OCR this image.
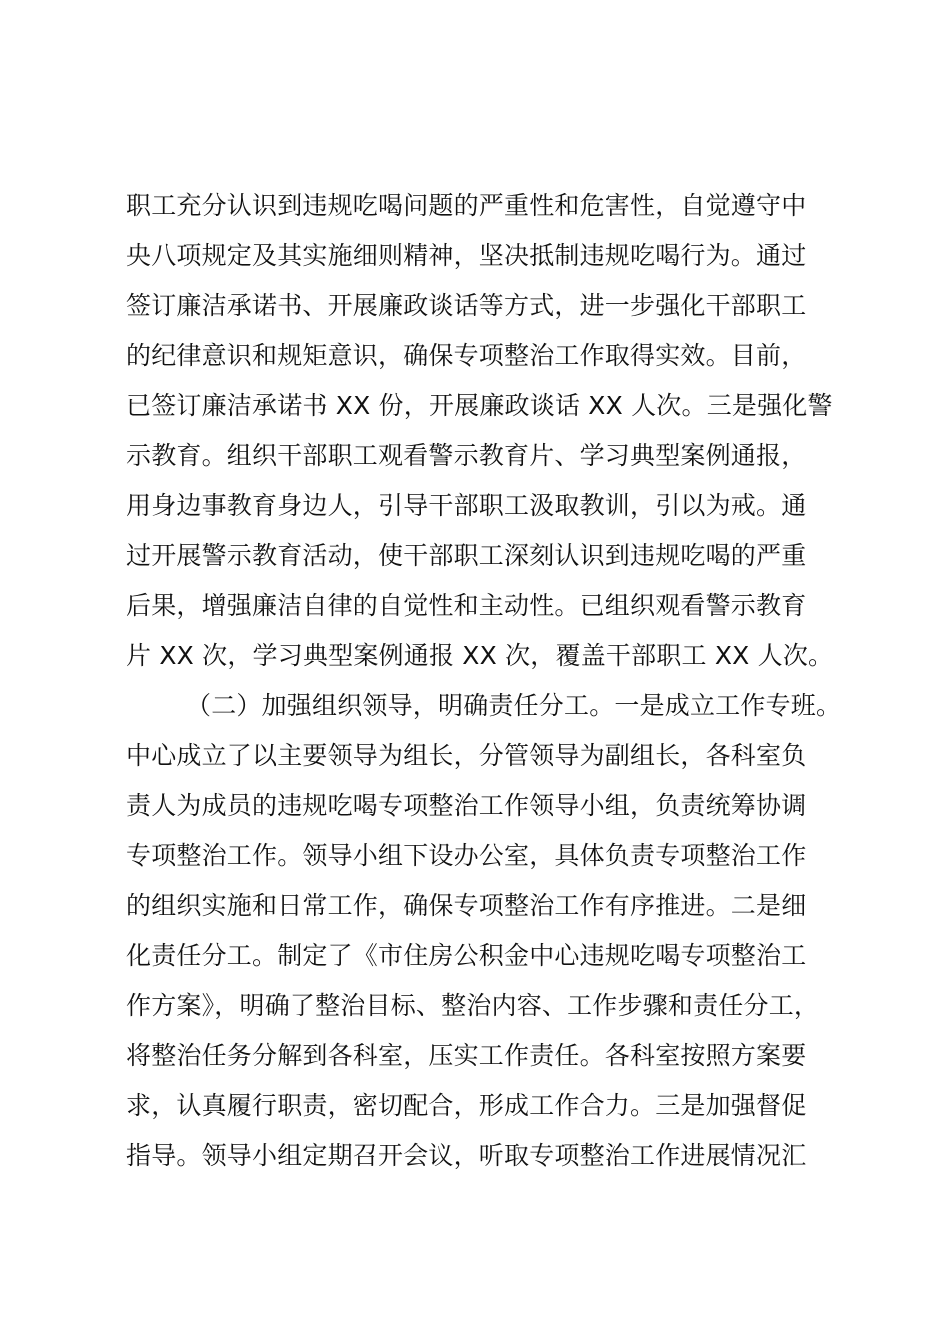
职工充分认识到违规吃喝问题的严重性和危害性，自觉遵守中
央八项规定及其实施细则精神，坚决抵制违规吃喝行为。通过
签订廉洁承诺书、开展廉政谈话等方式，进一步强化干部职工
的纪律意识和规矩意识，确保专项整治工作取得实效。目前，
已签订廉洁承诺书 XX 份，开展廉政谈话 XX 人次。三是强化警
示教育。组织干部职工观看警示教育片、学习典型案例通报，
用身边事教育身边人，引导干部职工汲取教训，引以为戒。通
过开展警示教育活动，使干部职工深刻认识到违规吃喝的严重
后果，增强廉洁自律的自觉性和主动性。已组织观看警示教育
片 XX 次，学习典型案例通报 XX 次，覆盖干部职工 XX 人次。
（二）加强组织领导，明确责任分工。一是成立工作专班。
中心成立了以主要领导为组长，分管领导为副组长，各科室负
责人为成员的违规吃喝专项整治工作领导小组，负责统筹协调
专项整治工作。领导小组下设办公室，具体负责专项整治工作
的组织实施和日常工作，确保专项整治工作有序推进。二是细
化责任分工。制定了《市住房公积金中心违规吃喝专项整治工
作方案》，明确了整治目标、整治内容、工作步骤和责任分工，
将整治任务分解到各科室，压实工作责任。各科室按照方案要
求，认真履行职责，密切配合，形成工作合力。三是加强督促
指导。领导小组定期召开会议，听取专项整治工作进展情况汇
